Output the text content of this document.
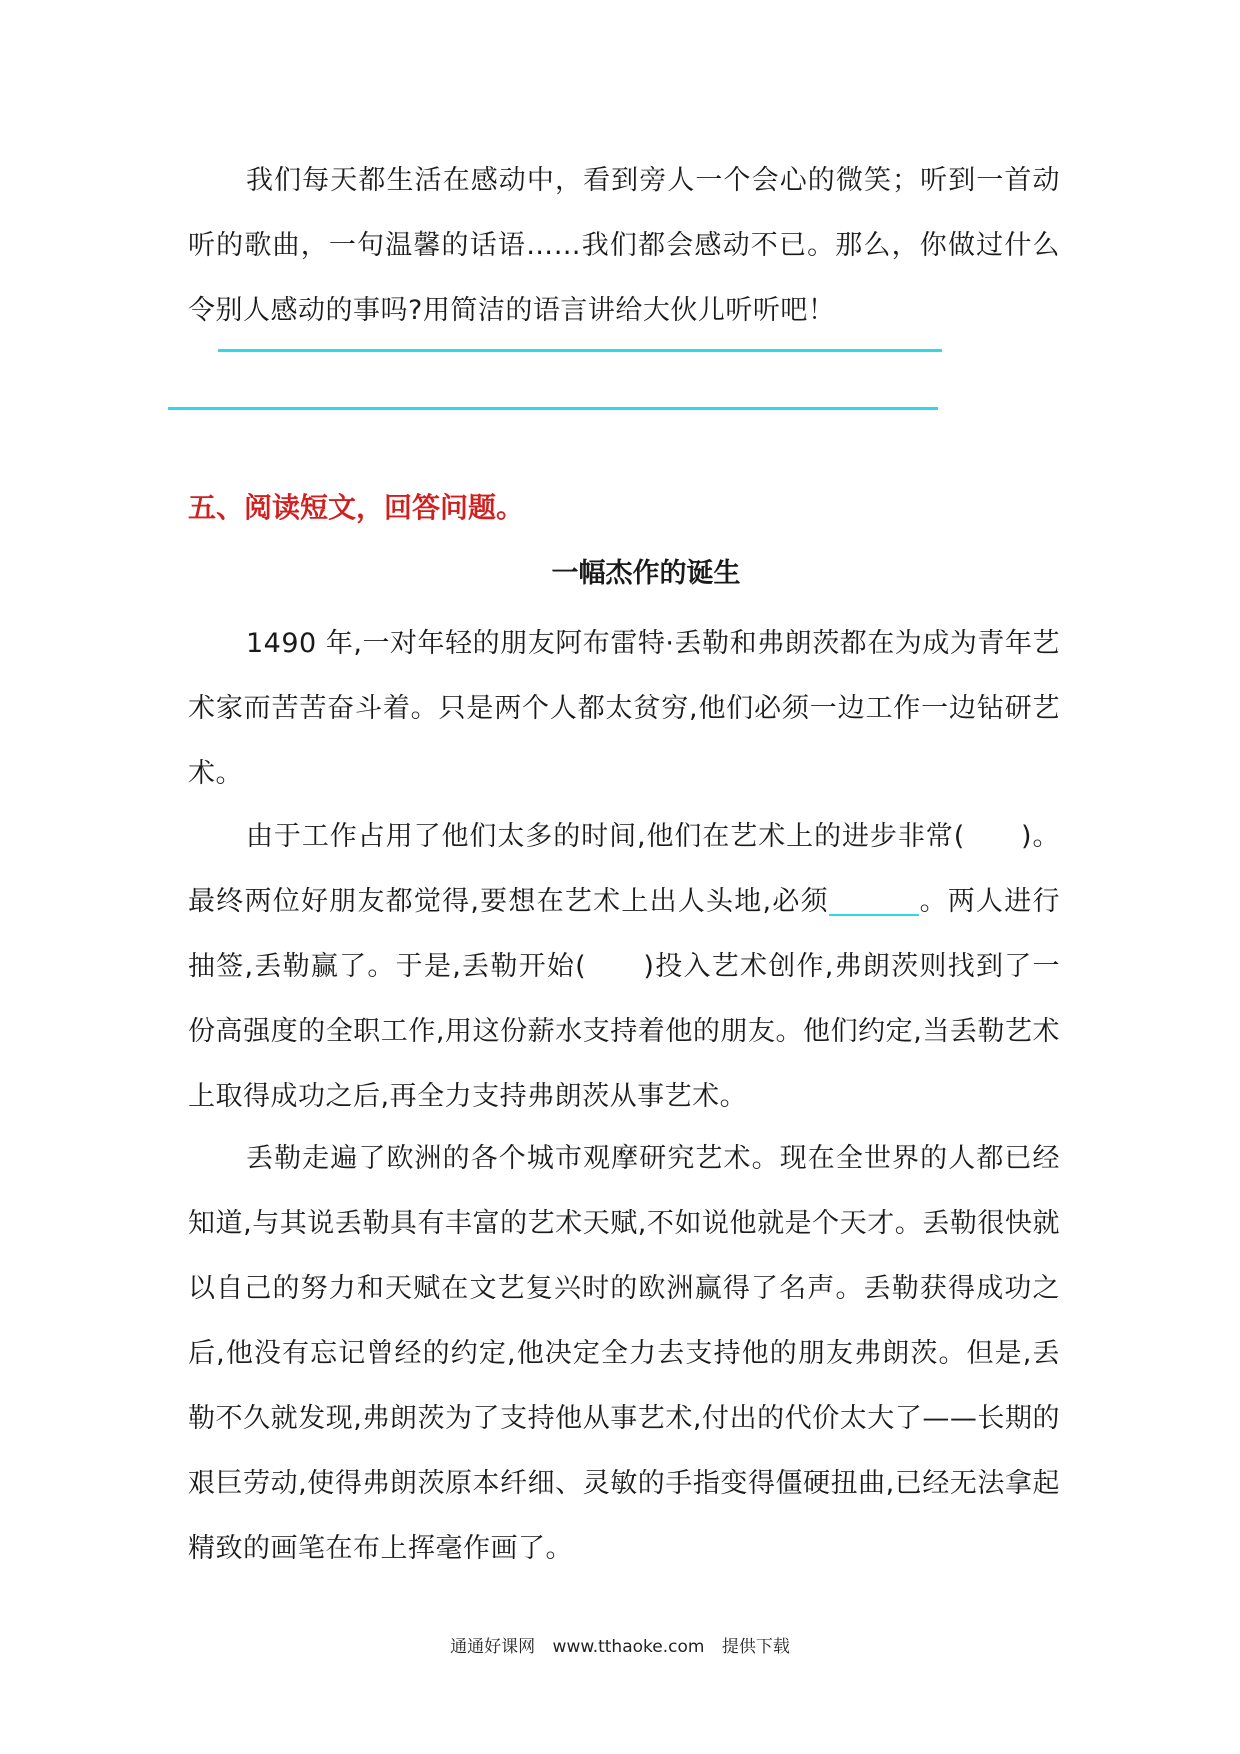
我们每天都生活在感动中，看到旁人一个会心的微笑；听到一首动听的歌曲，一句温馨的话语……我们都会感动不已。那么，你做过什么令别人感动的事吗?用简洁的语言讲给大伙儿听听吧！

五、阅读短文，回答问题。
一幅杰作的诞生

1490 年,一对年轻的朋友阿布雷特·丢勒和弗朗茨都在为成为青年艺术家而苦苦奋斗着。只是两个人都太贫穷,他们必须一边工作一边钻研艺术。

由于工作占用了他们太多的时间,他们在艺术上的进步非常(　　)。最终两位好朋友都觉得,要想在艺术上出人头地,必须	。两人进行抽签,丢勒赢了。于是,丢勒开始(　　)投入艺术创作,弗朗茨则找到了一份高强度的全职工作,用这份薪水支持着他的朋友。他们约定,当丢勒艺术上取得成功之后,再全力支持弗朗茨从事艺术。

丢勒走遍了欧洲的各个城市观摩研究艺术。现在全世界的人都已经知道,与其说丢勒具有丰富的艺术天赋,不如说他就是个天才。丢勒很快就以自己的努力和天赋在文艺复兴时的欧洲赢得了名声。丢勒获得成功之后,他没有忘记曾经的约定,他决定全力去支持他的朋友弗朗茨。但是,丢勒不久就发现,弗朗茨为了支持他从事艺术,付出的代价太大了——长期的艰巨劳动,使得弗朗茨原本纤细、灵敏的手指变得僵硬扭曲,已经无法拿起精致的画笔在布上挥毫作画了。

通通好课网 www.tthaoke.com 提供下载
